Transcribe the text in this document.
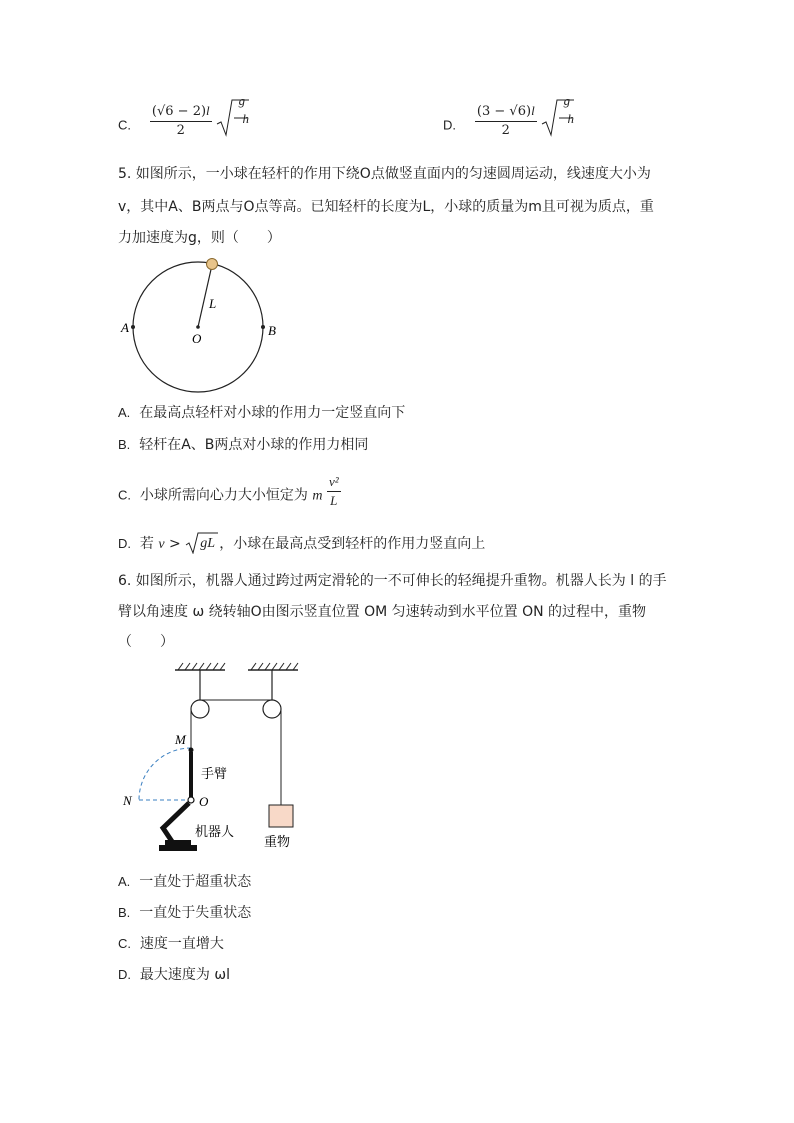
C. $\frac{(√6 - 2)l}{2}$
g h	D. $\frac{(3 - √6)l}{2}$
g h
5. 如图所示，一小球在轻杆的作用下绕O点做竖直面内的匀速圆周运动，线速度大小为
v，其中A、B两点与O点等高。已知轻杆的长度为L，小球的质量为m且可视为质点，重
力加速度为g，则（　　）
L
O
A	B
A. 在最高点轻杆对小球的作用力一定竖直向下
B. 轻杆在A、B两点对小球的作用力相同
C. 小球所需向心力大小恒定为 m $\frac{\text{v²}}{L}$
D. 若 v > gL ，小球在最高点受到轻杆的作用力竖直向上
6. 如图所示，机器人通过跨过两定滑轮的一不可伸长的轻绳提升重物。机器人长为 l 的手
臂以角速度 ω 绕转轴O由图示竖直位置 OM 匀速转动到水平位置 ON 的过程中，重物
（　　）
M
N	O
手臂
机器人
重物
A. 一直处于超重状态
B. 一直处于失重状态
C. 速度一直增大
D. 最大速度为 ωl
